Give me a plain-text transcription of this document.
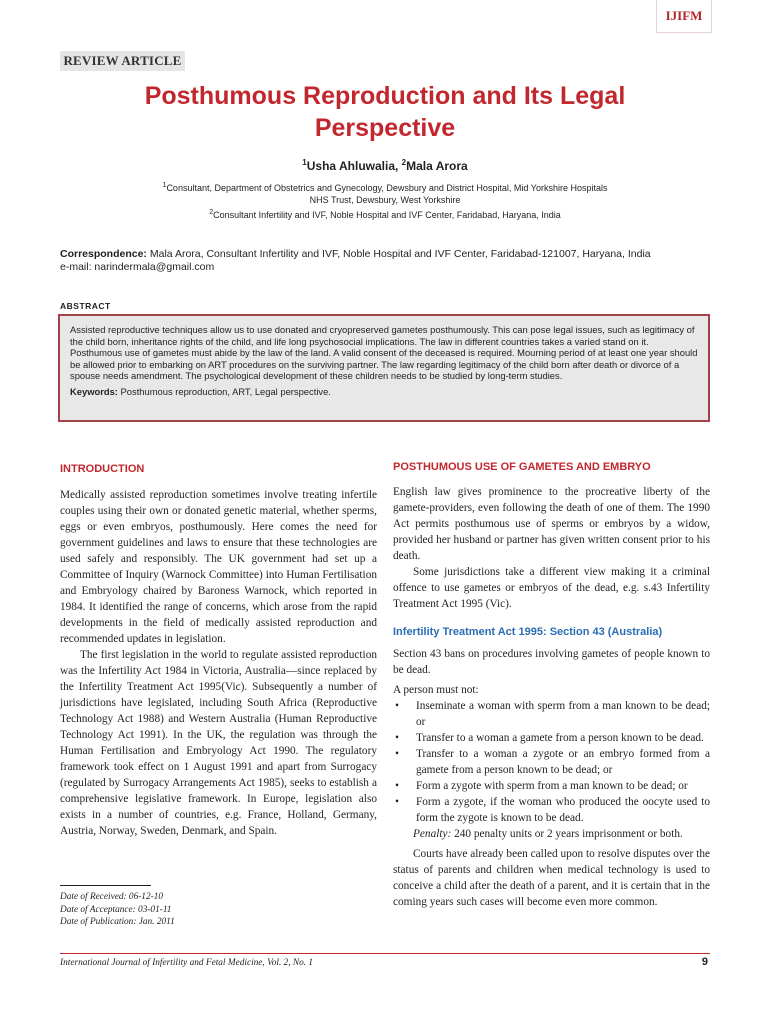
IJIFM
REVIEW ARTICLE
Posthumous Reproduction and Its Legal
Perspective
$^1$Usha Ahluwalia, $^2$Mala Arora
$^1$Consultant, Department of Obstetrics and Gynecology, Dewsbury and District Hospital, Mid Yorkshire Hospitals
NHS Trust, Dewsbury, West Yorkshire
$^2$Consultant Infertility and IVF, Noble Hospital and IVF Center, Faridabad, Haryana, India
Correspondence: Mala Arora, Consultant Infertility and IVF, Noble Hospital and IVF Center, Faridabad-121007, Haryana, India
e-mail: narindermala@gmail.com
ABSTRACT
Assisted reproductive techniques allow us to use donated and cryopreserved gametes posthumously. This can pose legal issues, such as legitimacy of the child born, inheritance rights of the child, and life long psychosocial implications. The law in different countries takes a varied stand on it. Posthumous use of gametes must abide by the law of the land. A valid consent of the deceased is required. Mourning period of at least one year should be allowed prior to embarking on ART procedures on the surviving partner. The law regarding legitimacy of the child born after death or divorce of a spouse needs amendment. The psychological development of these children needs to be studied by long-term studies.
Keywords: Posthumous reproduction, ART, Legal perspective.
INTRODUCTION

Medically assisted reproduction sometimes involve treating infertile couples using their own or donated genetic material, whether sperms, eggs or even embryos, posthumously. Here comes the need for government guidelines and laws to ensure that these technologies are used safely and responsibly. The UK government had set up a Committee of Inquiry (Warnock Committee) into Human Fertilisation and Embryology chaired by Baroness Warnock, which reported in 1984. It identified the range of concerns, which arose from the rapid developments in the field of medically assisted reproduction and recommended updates in legislation.

The first legislation in the world to regulate assisted reproduction was the Infertility Act 1984 in Victoria, Australia—since replaced by the Infertility Treatment Act 1995(Vic). Subsequently a number of jurisdictions have legislated, including South Africa (Reproductive Technology Act 1988) and Western Australia (Human Reproductive Technology Act 1991). In the UK, the regulation was through the Human Fertilisation and Embryology Act 1990. The regulatory framework took effect on 1 August 1991 and apart from Surrogacy (regulated by Surrogacy Arrangements Act 1985), seeks to establish a comprehensive legislative framework. In Europe, legislation also exists in a number of countries, e.g. France, Holland, Germany, Austria, Norway, Sweden, Denmark, and Spain.

Date of Received: 06-12-10
Date of Acceptance: 03-01-11
Date of Publication: Jan. 2011
POSTHUMOUS USE OF GAMETES AND EMBRYO

English law gives prominence to the procreative liberty of the gamete-providers, even following the death of one of them. The 1990 Act permits posthumous use of sperms or embryos by a widow, provided her husband or partner has given written consent prior to his death.

Some jurisdictions take a different view making it a criminal offence to use gametes or embryos of the dead, e.g. s.43 Infertility Treatment Act 1995 (Vic).

Infertility Treatment Act 1995: Section 43 (Australia)

Section 43 bans on procedures involving gametes of people known to be dead.

A person must not:

• Inseminate a woman with sperm from a man known to be dead; or
• Transfer to a woman a gamete from a person known to be dead.
• Transfer to a woman a zygote or an embryo formed from a gamete from a person known to be dead; or
• Form a zygote with sperm from a man known to be dead; or
• Form a zygote, if the woman who produced the oocyte used to form the zygote is known to be dead.

Penalty: 240 penalty units or 2 years imprisonment or both.

Courts have already been called upon to resolve disputes over the status of parents and children when medical technology is used to conceive a child after the death of a parent, and it is certain that in the coming years such cases will become even more common.

International Journal of Infertility and Fetal Medicine, Vol. 2, No. 1	9
